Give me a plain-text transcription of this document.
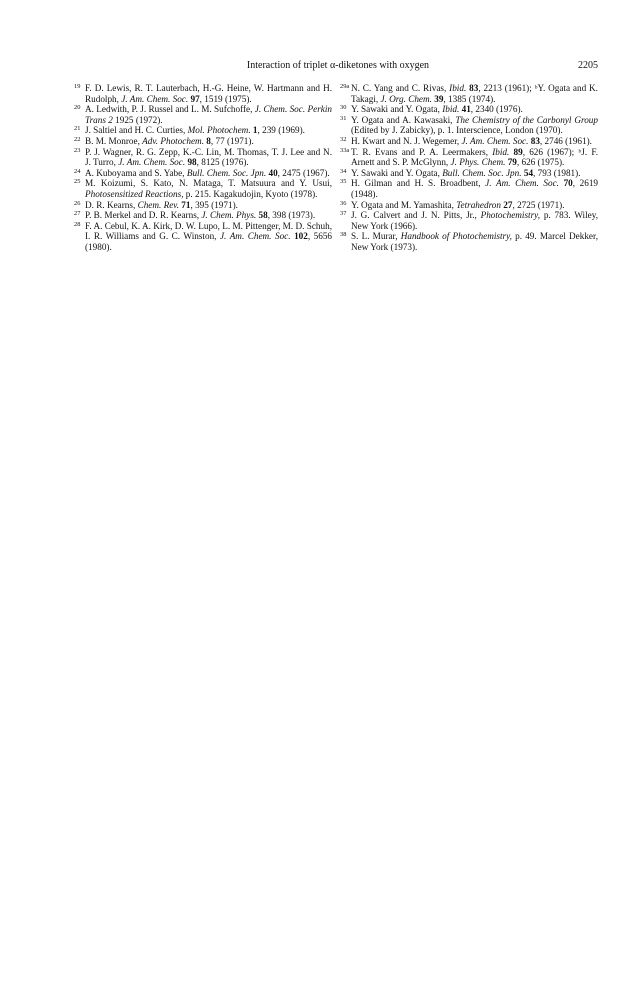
Interaction of triplet α-diketones with oxygen	2205

19 F. D. Lewis, R. T. Lauterbach, H.-G. Heine, W. Hartmann and H. Rudolph, J. Am. Chem. Soc. 97, 1519 (1975).

20 A. Ledwith, P. J. Russel and L. M. Sufchoffe, J. Chem. Soc. Perkin Trans 2 1925 (1972).

21 J. Saltiel and H. C. Curties, Mol. Photochem. 1, 239 (1969).

22 B. M. Monroe, Adv. Photochem. 8, 77 (1971).

23 P. J. Wagner, R. G. Zepp, K.-C. Lin, M. Thomas, T. J. Lee and N. J. Turro, J. Am. Chem. Soc. 98, 8125 (1976).

24 A. Kuboyama and S. Yabe, Bull. Chem. Soc. Jpn. 40, 2475 (1967).

25 M. Koizumi, S. Kato, N. Mataga, T. Matsuura and Y. Usui, Photosensitized Reactions, p. 215. Kagakudojin, Kyoto (1978).

26 D. R. Kearns, Chem. Rev. 71, 395 (1971).

27 P. B. Merkel and D. R. Kearns, J. Chem. Phys. 58, 398 (1973).

28 F. A. Cebul, K. A. Kirk, D. W. Lupo, L. M. Pittenger, M. D. Schuh, I. R. Williams and G. C. Winston, J. Am. Chem. Soc. 102, 5656 (1980).

29a N. C. Yang and C. Rivas, Ibid. 83, 2213 (1961); ᵇY. Ogata and K. Takagi, J. Org. Chem. 39, 1385 (1974).

30 Y. Sawaki and Y. Ogata, Ibid. 41, 2340 (1976).

31 Y. Ogata and A. Kawasaki, The Chemistry of the Carbonyl Group (Edited by J. Zabicky), p. 1. Interscience, London (1970).

32 H. Kwart and N. J. Wegemer, J. Am. Chem. Soc. 83, 2746 (1961).

33a T. R. Evans and P. A. Leermakers, Ibid. 89, 626 (1967); ᵇJ. F. Arnett and S. P. McGlynn, J. Phys. Chem. 79, 626 (1975).

34 Y. Sawaki and Y. Ogata, Bull. Chem. Soc. Jpn. 54, 793 (1981).

35 H. Gilman and H. S. Broadbent, J. Am. Chem. Soc. 70, 2619 (1948).

36 Y. Ogata and M. Yamashita, Tetrahedron 27, 2725 (1971).

37 J. G. Calvert and J. N. Pitts, Jr., Photochemistry, p. 783. Wiley, New York (1966).

38 S. L. Murar, Handbook of Photochemistry, p. 49. Marcel Dekker, New York (1973).
